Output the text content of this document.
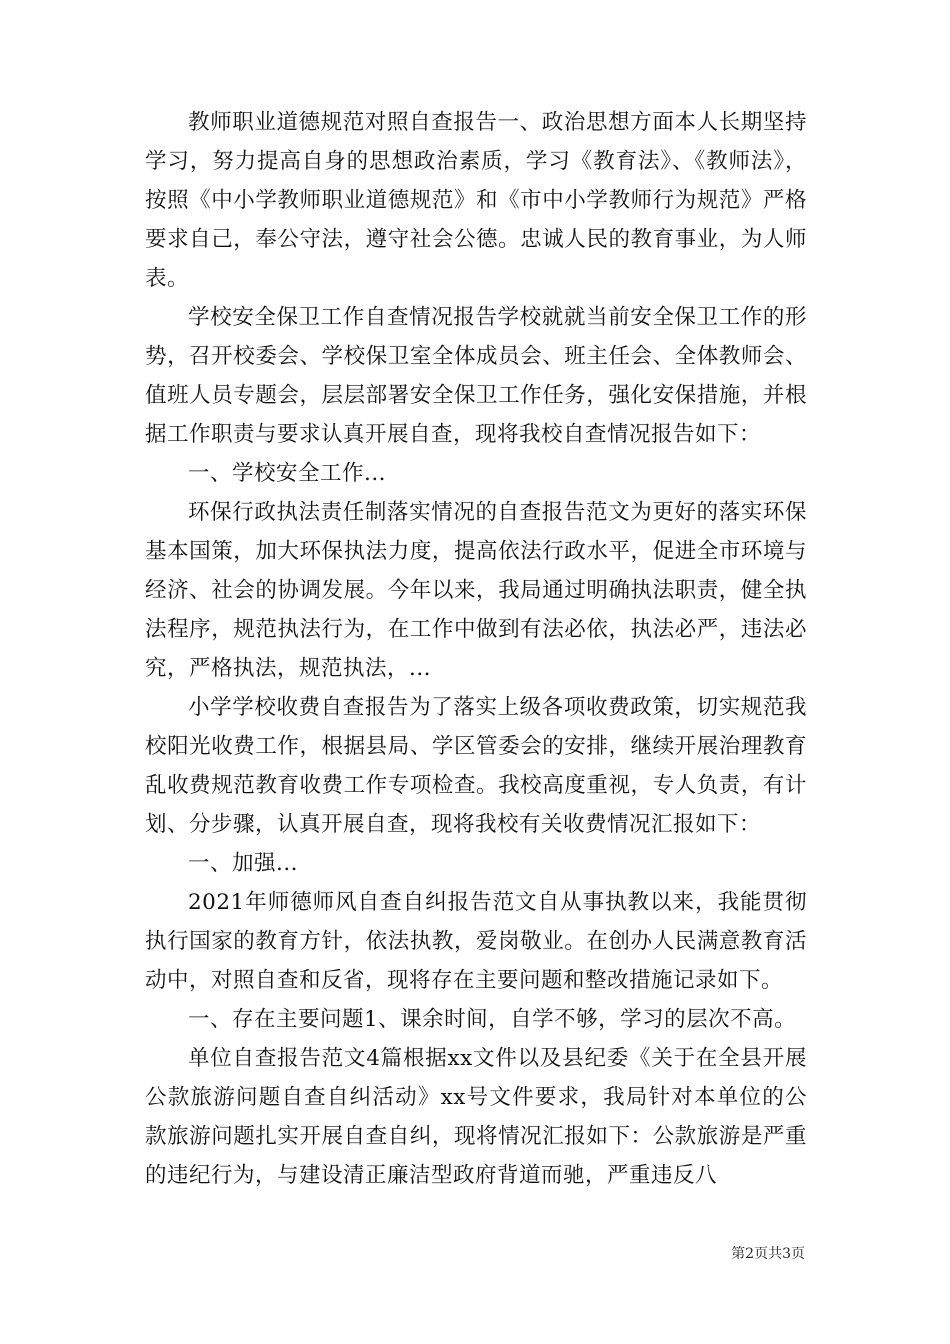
教师职业道德规范对照自查报告一、政治思想方面本人长期坚持学习，努力提高自身的思想政治素质，学习《教育法》、《教师法》，按照《中小学教师职业道德规范》和《市中小学教师行为规范》严格要求自己，奉公守法，遵守社会公德。忠诚人民的教育事业，为人师表。

学校安全保卫工作自查情况报告学校就就当前安全保卫工作的形势，召开校委会、学校保卫室全体成员会、班主任会、全体教师会、值班人员专题会，层层部署安全保卫工作任务，强化安保措施，并根据工作职责与要求认真开展自查，现将我校自查情况报告如下：

一、学校安全工作...

环保行政执法责任制落实情况的自查报告范文为更好的落实环保基本国策，加大环保执法力度，提高依法行政水平，促进全市环境与经济、社会的协调发展。今年以来，我局通过明确执法职责，健全执法程序，规范执法行为，在工作中做到有法必依，执法必严，违法必究，严格执法，规范执法，...

小学学校收费自查报告为了落实上级各项收费政策，切实规范我校阳光收费工作，根据县局、学区管委会的安排，继续开展治理教育乱收费规范教育收费工作专项检查。我校高度重视，专人负责，有计划、分步骤，认真开展自查，现将我校有关收费情况汇报如下：

一、加强...

2021年师德师风自查自纠报告范文自从事执教以来，我能贯彻执行国家的教育方针，依法执教，爱岗敬业。在创办人民满意教育活动中，对照自查和反省，现将存在主要问题和整改措施记录如下。

一、存在主要问题1、课余时间，自学不够，学习的层次不高。

单位自查报告范文4篇根据xx文件以及县纪委《关于在全县开展公款旅游问题自查自纠活动》xx号文件要求，我局针对本单位的公款旅游问题扎实开展自查自纠，现将情况汇报如下：公款旅游是严重的违纪行为，与建设清正廉洁型政府背道而驰，严重违反八

第2页共3页
